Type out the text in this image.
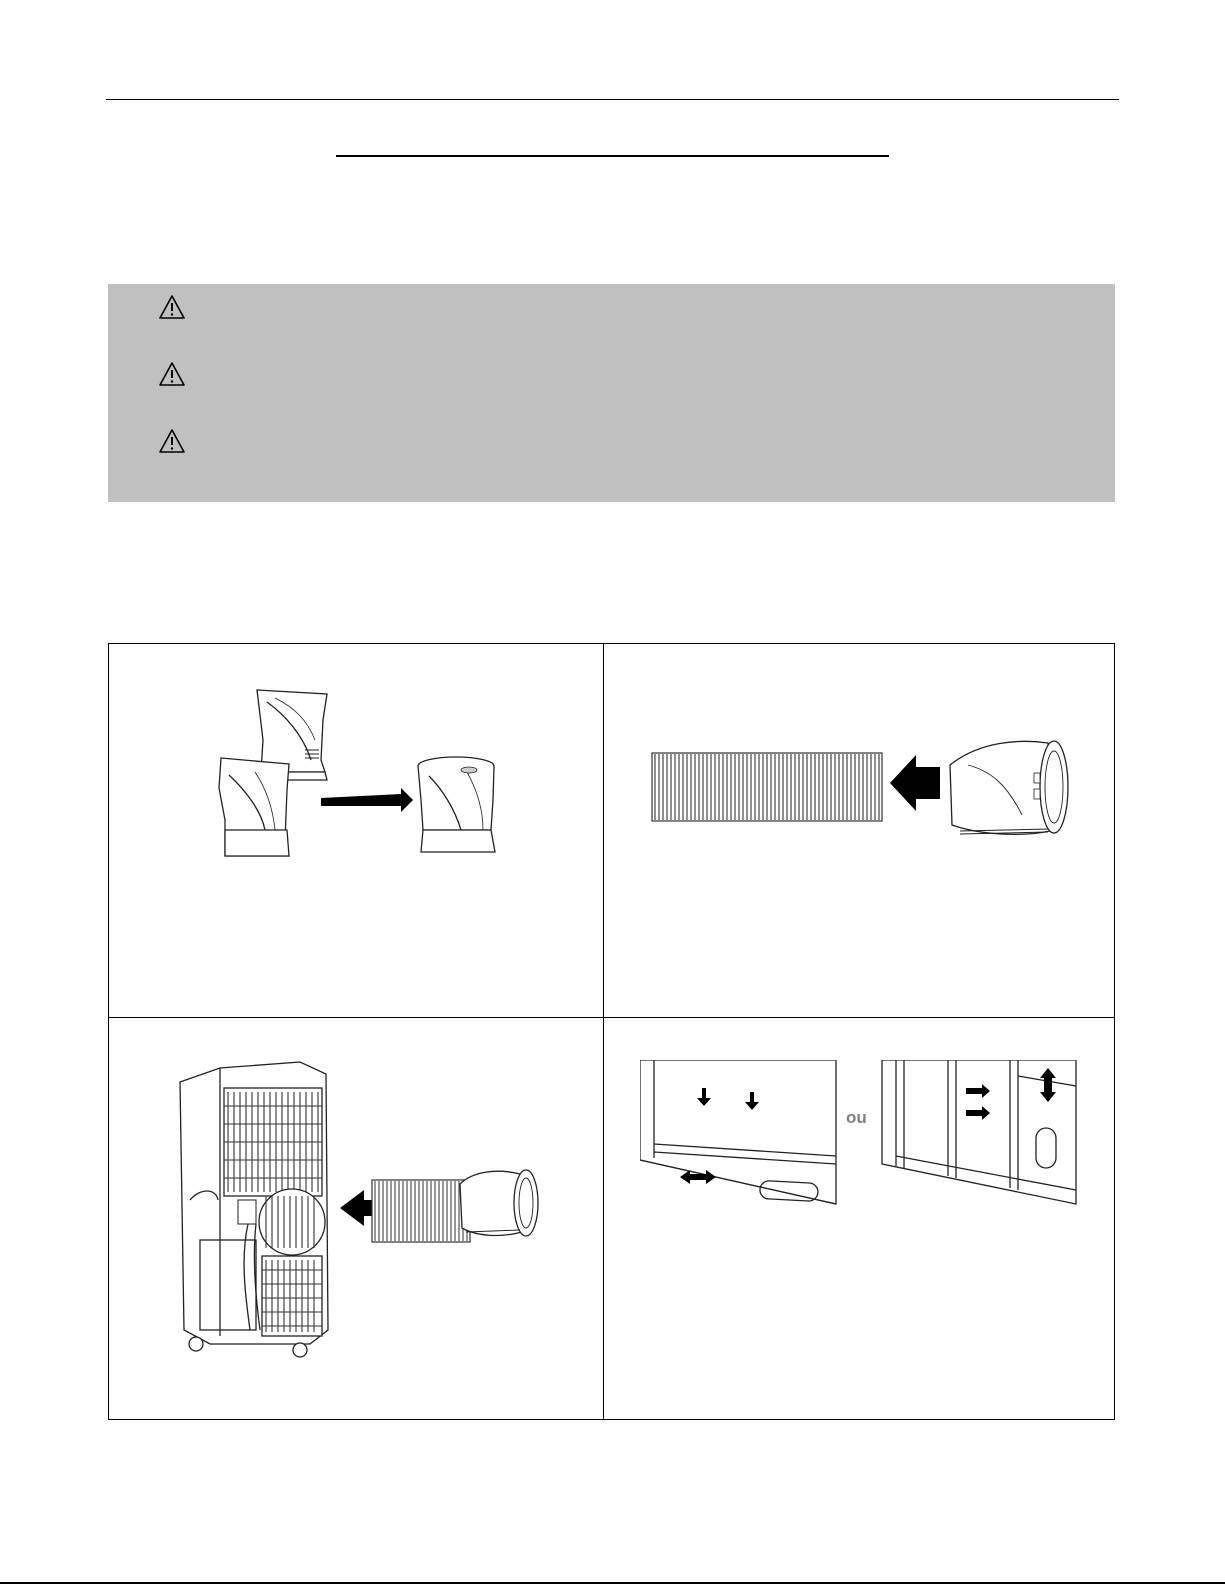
ou
